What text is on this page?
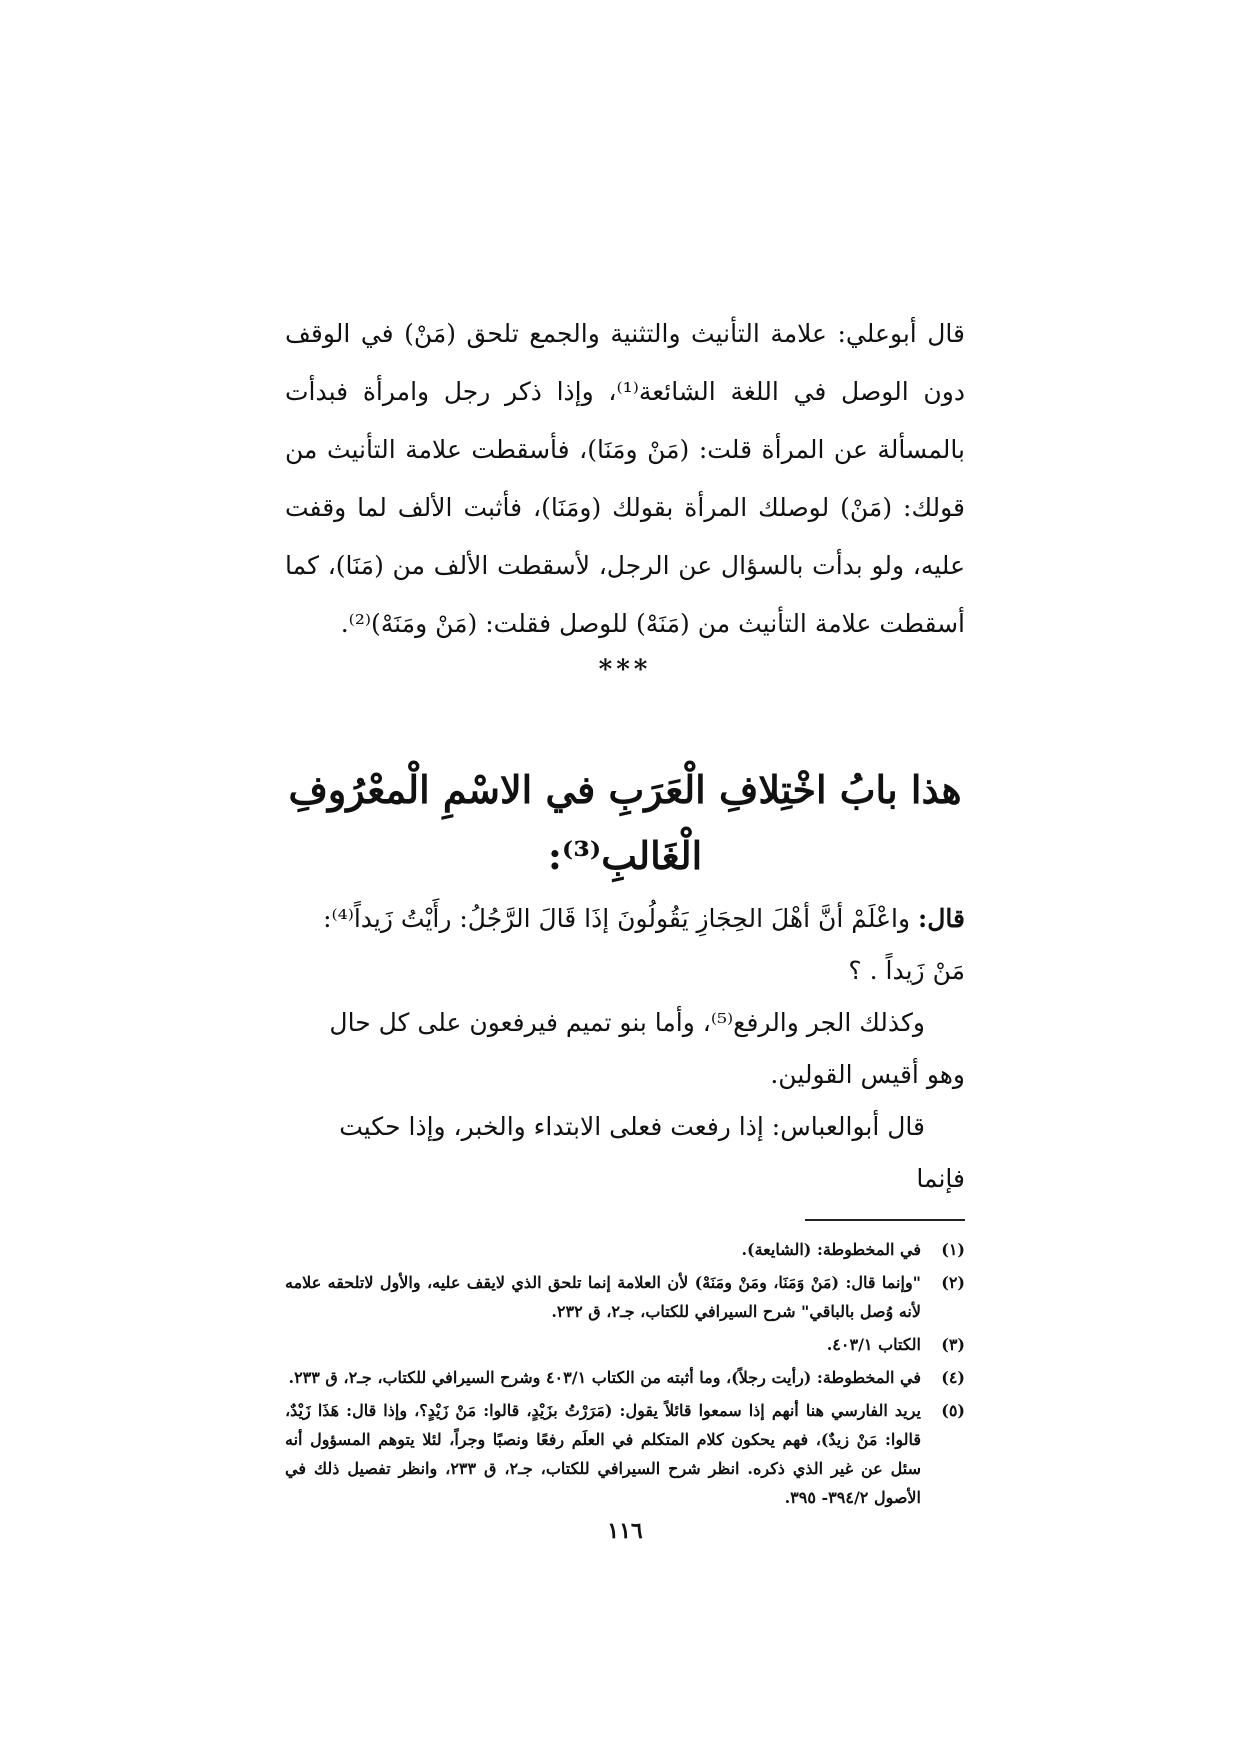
قال أبوعلي: علامة التأنيث والتثنية والجمع تلحق (مَنْ) في الوقف دون الوصل في اللغة الشائعة⁽¹⁾، وإذا ذكر رجل وامرأة فبدأت بالمسألة عن المرأة قلت: (مَنْ ومَنَا)، فأسقطت علامة التأنيث من قولك: (مَنْ) لوصلك المرأة بقولك (ومَنَا)، فأثبت الألف لما وقفت عليه، ولو بدأت بالسؤال عن الرجل، لأسقطت الألف من (مَنَا)، كما أسقطت علامة التأنيث من (مَنَهْ) للوصل فقلت: (مَنْ ومَنَهْ)⁽²⁾.

***
هذا بابُ اخْتِلافِ الْعَرَبِ في الاسْمِ الْمعْرُوفِ
الْغَالبِ⁽³⁾:

قال: واعْلَمْ أنَّ أهْلَ الحِجَازِ يَقُولُونَ إذَا قَالَ الرَّجُلُ: رأَيْتُ زَيداً⁽⁴⁾: مَنْ زَيداً . ؟

وكذلك الجر والرفع⁽⁵⁾، وأما بنو تميم فيرفعون على كل حال وهو أقيس القولين.

قال أبوالعباس: إذا رفعت فعلى الابتداء والخبر، وإذا حكيت فإنما

(١)
في المخطوطة: (الشايعة).
(٢)
"وإنما قال: (مَنْ وَمَنَا، ومَنْ ومَنَهْ) لأن العلامة إنما تلحق الذي لايقف عليه، والأول لاتلحقه علامه لأنه وُصل بالباقي" شرح السيرافي للكتاب، جـ٢، ق ٢٣٢.
(٣)
الكتاب ٤٠٣/١.
(٤)
في المخطوطة: (رأيت رجلاً)، وما أثبته من الكتاب ٤٠٣/١ وشرح السيرافي للكتاب، جـ٢، ق ٢٣٣.
(٥)
يريد الفارسي هنا أنهم إذا سمعوا قائلاً يقول: (مَرَرْتُ بزَيْدٍ، قالوا: مَنْ زَيْدٍ؟، وإذا قال: هَذَا زَيْدٌ، قالوا: مَنْ زيدٌ)، فهم يحكون كلام المتكلم في العلَم رفعًا ونصبًا وجراً، لئلا يتوهم المسؤول أنه سئل عن غير الذي ذكره. انظر شرح السيرافي للكتاب، جـ٢، ق ٢٣٣، وانظر تفصيل ذلك في الأصول ٣٩٤/٢- ٣٩٥.
١١٦
